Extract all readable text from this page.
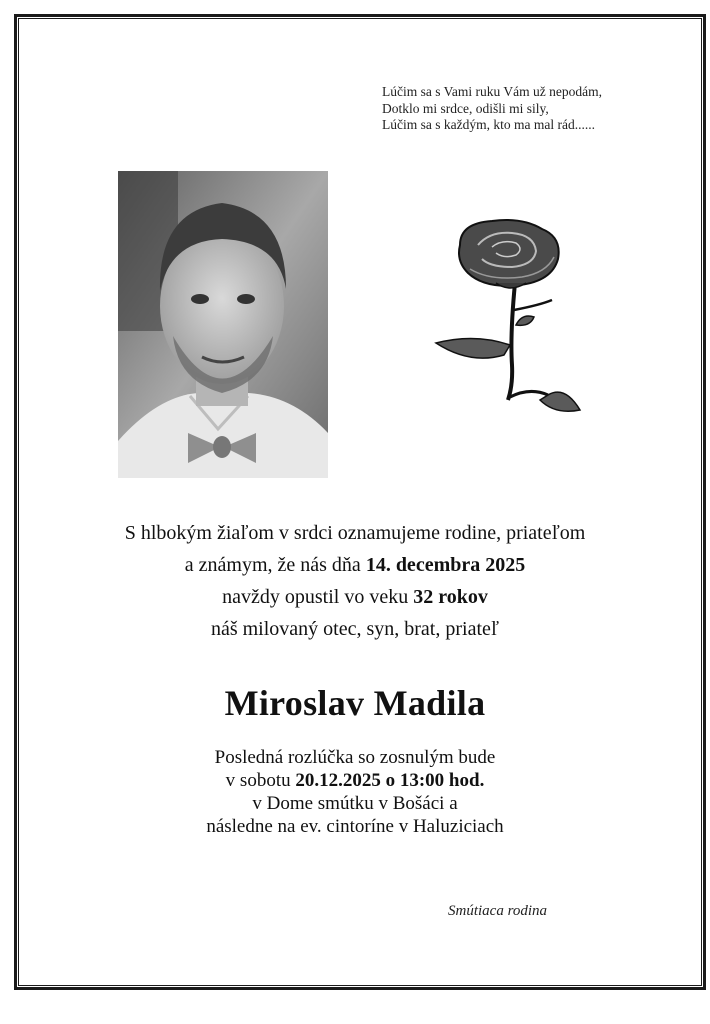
Lúčim sa s Vami ruku Vám už nepodám,
Dotklo mi srdce, odišli mi sily,
Lúčim sa s každým, kto ma mal rád......
S hlbokým žiaľom v srdci oznamujeme rodine, priateľom
a známym, že nás dňa 14. decembra 2025
navždy opustil vo veku 32 rokov
náš milovaný otec, syn, brat, priateľ
Miroslav Madila
Posledná rozlúčka so zosnulým bude
v sobotu 20.12.2025 o 13:00 hod.
v Dome smútku v Bošáci a
následne na ev. cintoríne v Haluziciach
Smútiaca rodina
